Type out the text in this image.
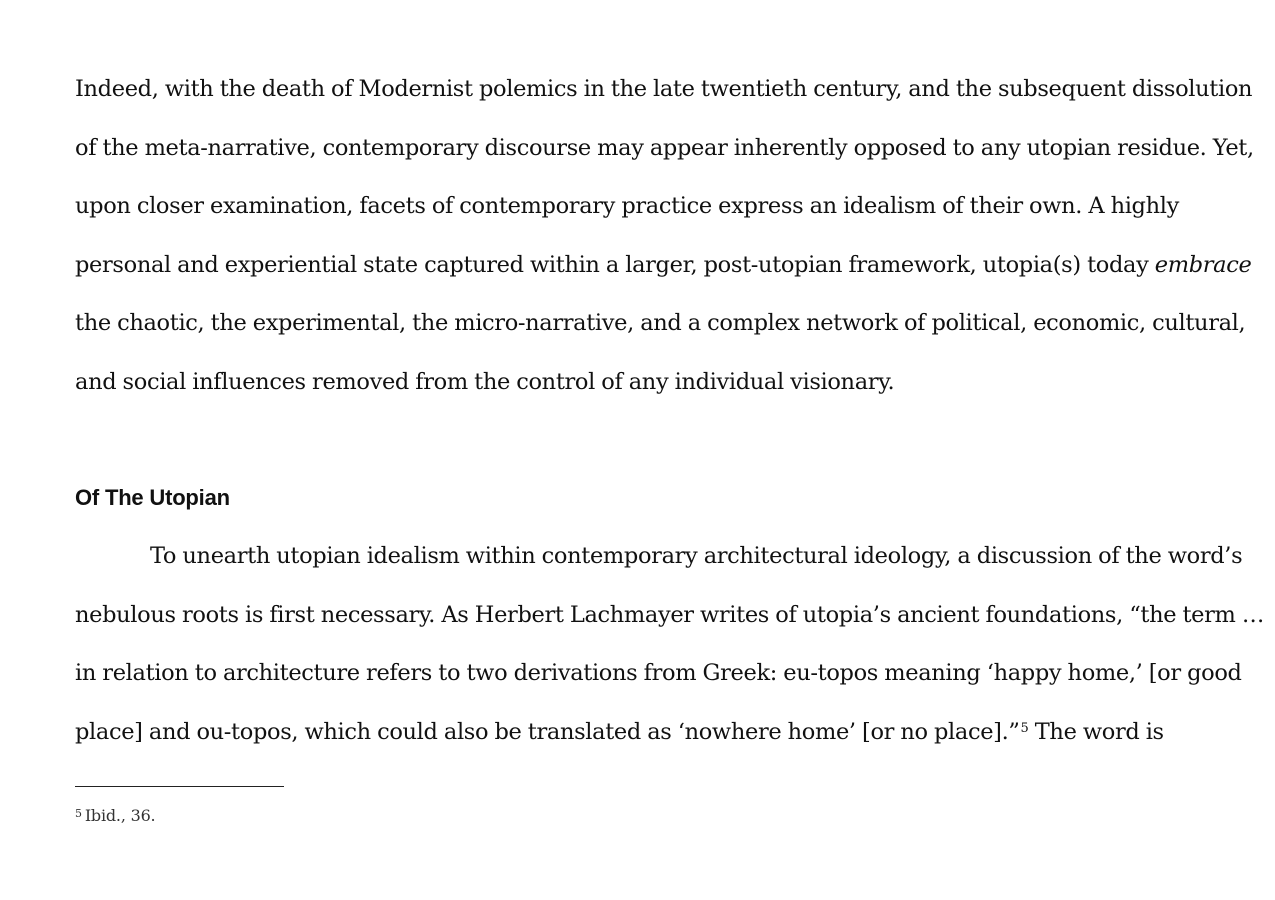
Indeed, with the death of Modernist polemics in the late twentieth century, and the subsequent dissolution
of the meta-narrative, contemporary discourse may appear inherently opposed to any utopian residue. Yet,
upon closer examination, facets of contemporary practice express an idealism of their own. A highly
personal and experiential state captured within a larger, post-utopian framework, utopia(s) today embrace
the chaotic, the experimental, the micro-narrative, and a complex network of political, economic, cultural,
and social influences removed from the control of any individual visionary.
Of The Utopian
To unearth utopian idealism within contemporary architectural ideology, a discussion of the word’s
nebulous roots is first necessary. As Herbert Lachmayer writes of utopia’s ancient foundations, “the term …
in relation to architecture refers to two derivations from Greek: eu-topos meaning ‘happy home,’ [or good
place] and ou-topos, which could also be translated as ‘nowhere home’ [or no place].”$^5$ The word is
$^5$ Ibid., 36.
